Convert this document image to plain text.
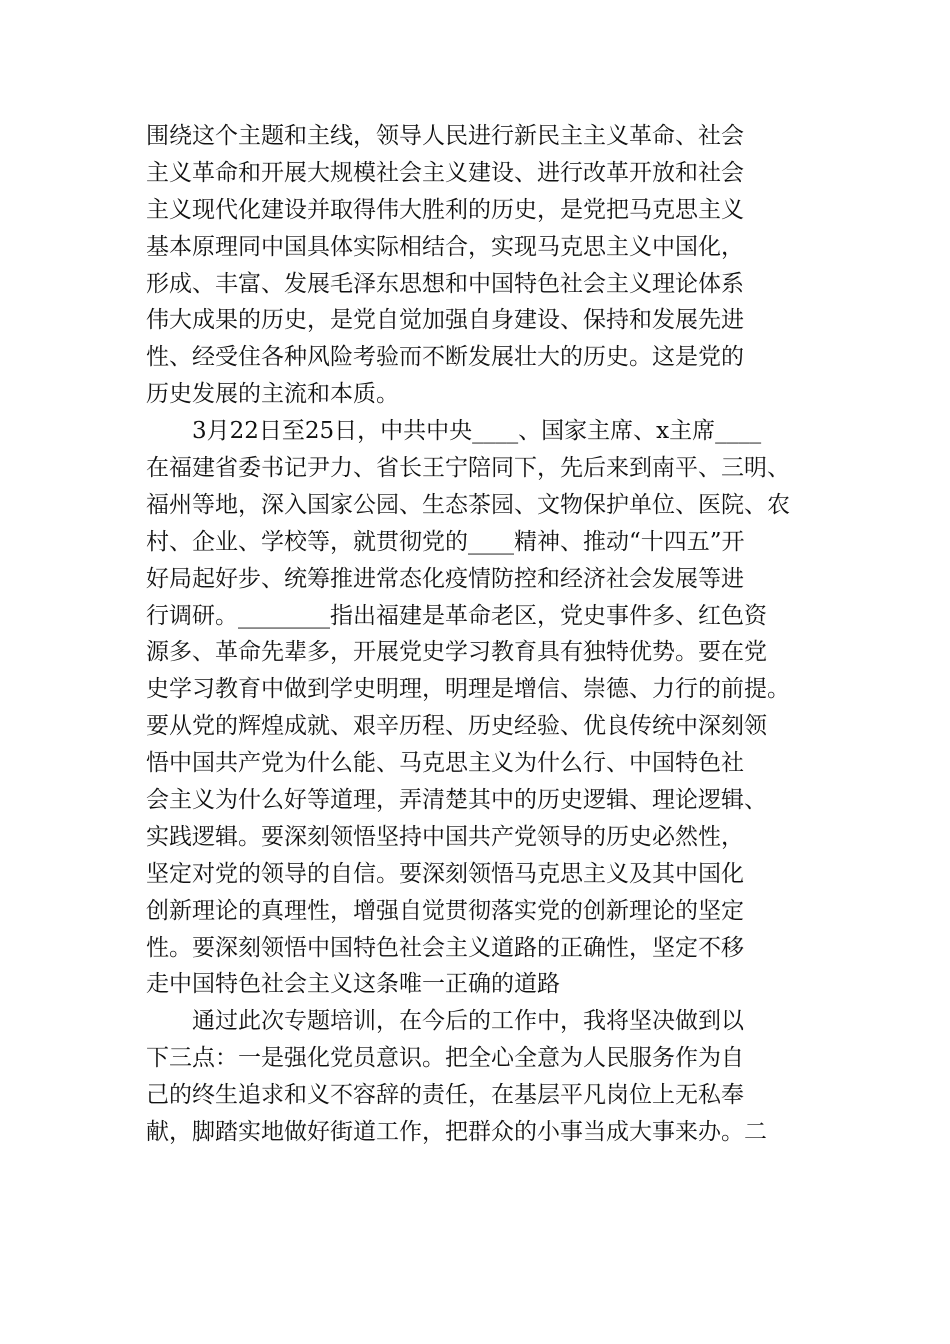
围绕这个主题和主线，领导人民进行新民主主义革命、社会
主义革命和开展大规模社会主义建设、进行改革开放和社会
主义现代化建设并取得伟大胜利的历史，是党把马克思主义
基本原理同中国具体实际相结合，实现马克思主义中国化，
形成、丰富、发展毛泽东思想和中国特色社会主义理论体系
伟大成果的历史，是党自觉加强自身建设、保持和发展先进
性、经受住各种风险考验而不断发展壮大的历史。这是党的
历史发展的主流和本质。
3月22日至25日，中共中央____、国家主席、x主席____
在福建省委书记尹力、省长王宁陪同下，先后来到南平、三明、
福州等地，深入国家公园、生态茶园、文物保护单位、医院、农
村、企业、学校等，就贯彻党的____精神、推动“十四五”开
好局起好步、统筹推进常态化疫情防控和经济社会发展等进
行调研。________指出福建是革命老区，党史事件多、红色资
源多、革命先辈多，开展党史学习教育具有独特优势。要在党
史学习教育中做到学史明理，明理是增信、崇德、力行的前提。
要从党的辉煌成就、艰辛历程、历史经验、优良传统中深刻领
悟中国共产党为什么能、马克思主义为什么行、中国特色社
会主义为什么好等道理，弄清楚其中的历史逻辑、理论逻辑、
实践逻辑。要深刻领悟坚持中国共产党领导的历史必然性，
坚定对党的领导的自信。要深刻领悟马克思主义及其中国化
创新理论的真理性，增强自觉贯彻落实党的创新理论的坚定
性。要深刻领悟中国特色社会主义道路的正确性，坚定不移
走中国特色社会主义这条唯一正确的道路
通过此次专题培训，在今后的工作中，我将坚决做到以
下三点：一是强化党员意识。把全心全意为人民服务作为自
己的终生追求和义不容辞的责任，在基层平凡岗位上无私奉
献，脚踏实地做好街道工作，把群众的小事当成大事来办。二
